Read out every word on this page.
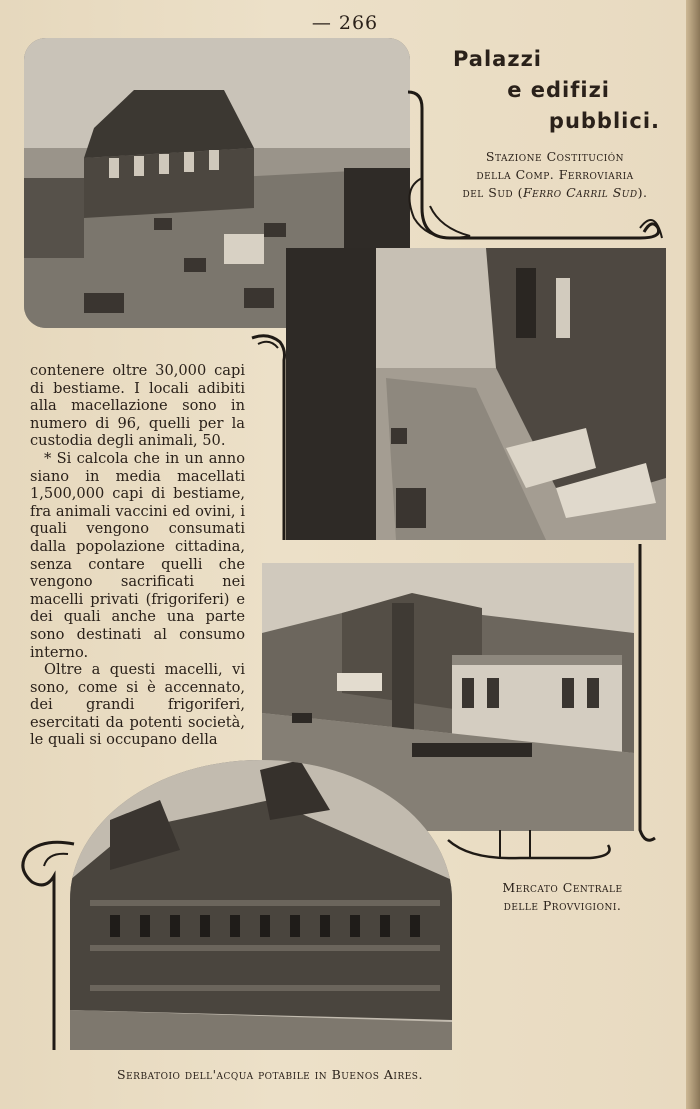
— 266
Palazzi
e edifizi
pubblici.
Stazione Costitución
della Comp. Ferroviaria
del Sud (Ferro Carril Sud).
Mercato Centrale
delle Provvigioni.
Serbatoio dell'acqua potabile in Buenos Aires.

contenere oltre 30,000 capi di bestiame. I locali adibiti alla macellazione sono in numero di 96, quelli per la custodia degli animali, 50.

* Si calcola che in un anno siano in media macellati 1,500,000 capi di bestiame, fra animali vaccini ed ovini, i quali vengono consumati dalla popolazione cittadina, senza contare quelli che vengono sacrificati nei macelli privati (frigoriferi) e dei quali anche una parte sono destinati al consumo interno.

Oltre a questi macelli, vi sono, come si è accennato, dei grandi frigoriferi, esercitati da potenti società, le quali si occupano della
